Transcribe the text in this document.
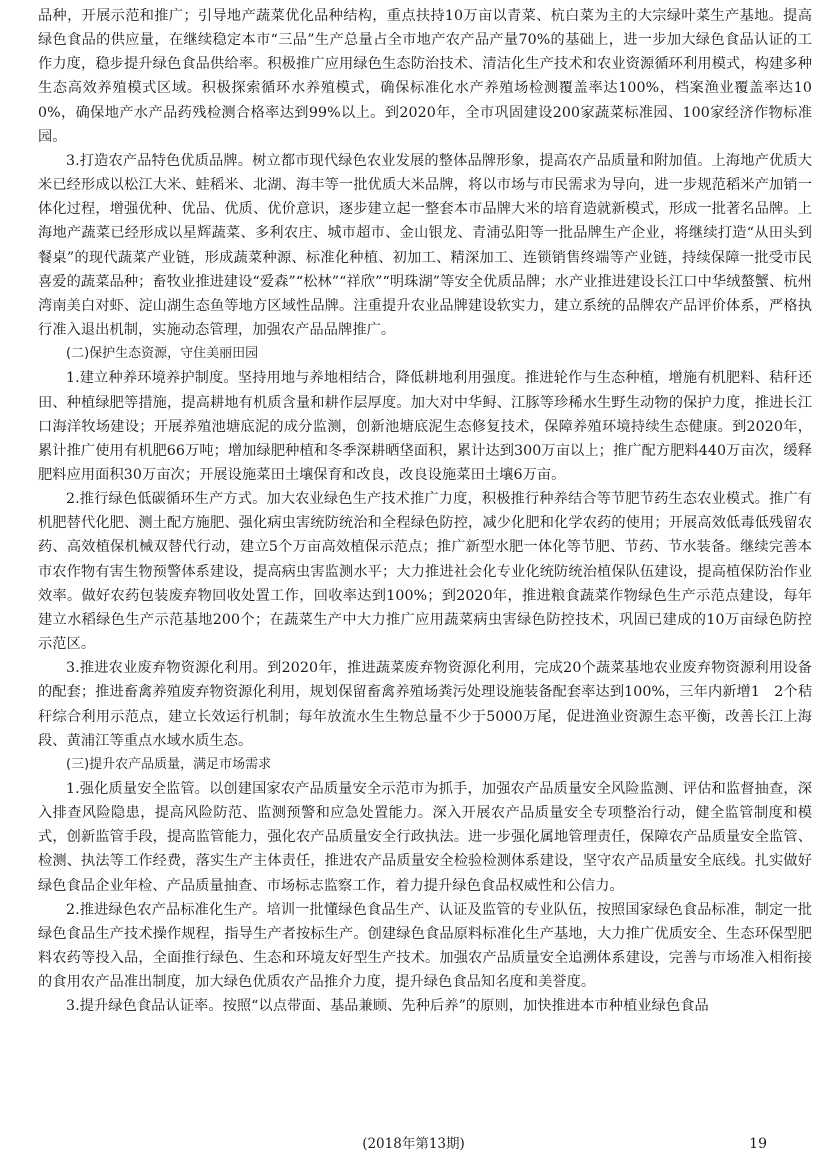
品种，开展示范和推广；引导地产蔬菜优化品种结构，重点扶持10万亩以青菜、杭白菜为主的大宗绿叶菜生产基地。提高绿色食品的供应量，在继续稳定本市“三品”生产总量占全市地产农产品产量70%的基础上，进一步加大绿色食品认证的工作力度，稳步提升绿色食品供给率。积极推广应用绿色生态防治技术、清洁化生产技术和农业资源循环利用模式，构建多种生态高效养殖模式区域。积极探索循环水养殖模式，确保标准化水产养殖场检测覆盖率达100%，档案渔业覆盖率达100%，确保地产水产品药残检测合格率达到99%以上。到2020年，全市巩固建设200家蔬菜标准园、100家经济作物标准园。

3.打造农产品特色优质品牌。树立都市现代绿色农业发展的整体品牌形象，提高农产品质量和附加值。上海地产优质大米已经形成以松江大米、蛙稻米、北湖、海丰等一批优质大米品牌，将以市场与市民需求为导向，进一步规范稻米产加销一体化过程，增强优种、优品、优质、优价意识，逐步建立起一整套本市品牌大米的培育造就新模式，形成一批著名品牌。上海地产蔬菜已经形成以星辉蔬菜、多利农庄、城市超市、金山银龙、青浦弘阳等一批品牌生产企业，将继续打造“从田头到餐桌”的现代蔬菜产业链，形成蔬菜种源、标准化种植、初加工、精深加工、连锁销售终端等产业链，持续保障一批受市民喜爱的蔬菜品种；畜牧业推进建设“爱森”“松林”“祥欣”“明珠湖”等安全优质品牌；水产业推进建设长江口中华绒螯蟹、杭州湾南美白对虾、淀山湖生态鱼等地方区域性品牌。注重提升农业品牌建设软实力，建立系统的品牌农产品评价体系，严格执行准入退出机制，实施动态管理，加强农产品品牌推广。

(二)保护生态资源，守住美丽田园

1.建立种养环境养护制度。坚持用地与养地相结合，降低耕地利用强度。推进轮作与生态种植，增施有机肥料、秸秆还田、种植绿肥等措施，提高耕地有机质含量和耕作层厚度。加大对中华鲟、江豚等珍稀水生野生动物的保护力度，推进长江口海洋牧场建设；开展养殖池塘底泥的成分监测，创新池塘底泥生态修复技术，保障养殖环境持续生态健康。到2020年，累计推广使用有机肥66万吨；增加绿肥种植和冬季深耕晒垡面积，累计达到300万亩以上；推广配方肥料440万亩次，缓释肥料应用面积30万亩次；开展设施菜田土壤保育和改良，改良设施菜田土壤6万亩。

2.推行绿色低碳循环生产方式。加大农业绿色生产技术推广力度，积极推行种养结合等节肥节药生态农业模式。推广有机肥替代化肥、测土配方施肥、强化病虫害统防统治和全程绿色防控，减少化肥和化学农药的使用；开展高效低毒低残留农药、高效植保机械双替代行动，建立5个万亩高效植保示范点；推广新型水肥一体化等节肥、节药、节水装备。继续完善本市农作物有害生物预警体系建设，提高病虫害监测水平；大力推进社会化专业化统防统治植保队伍建设，提高植保防治作业效率。做好农药包装废弃物回收处置工作，回收率达到100%；到2020年，推进粮食蔬菜作物绿色生产示范点建设，每年建立水稻绿色生产示范基地200个；在蔬菜生产中大力推广应用蔬菜病虫害绿色防控技术，巩固已建成的10万亩绿色防控示范区。

3.推进农业废弃物资源化利用。到2020年，推进蔬菜废弃物资源化利用，完成20个蔬菜基地农业废弃物资源利用设备的配套；推进畜禽养殖废弃物资源化利用，规划保留畜禽养殖场粪污处理设施装备配套率达到100%，三年内新增1　2个秸秆综合利用示范点，建立长效运行机制；每年放流水生生物总量不少于5000万尾，促进渔业资源生态平衡，改善长江上海段、黄浦江等重点水域水质生态。

(三)提升农产品质量，满足市场需求

1.强化质量安全监管。以创建国家农产品质量安全示范市为抓手，加强农产品质量安全风险监测、评估和监督抽查，深入排查风险隐患，提高风险防范、监测预警和应急处置能力。深入开展农产品质量安全专项整治行动，健全监管制度和模式，创新监管手段，提高监管能力，强化农产品质量安全行政执法。进一步强化属地管理责任，保障农产品质量安全监管、检测、执法等工作经费，落实生产主体责任，推进农产品质量安全检验检测体系建设，坚守农产品质量安全底线。扎实做好绿色食品企业年检、产品质量抽查、市场标志监察工作，着力提升绿色食品权威性和公信力。

2.推进绿色农产品标准化生产。培训一批懂绿色食品生产、认证及监管的专业队伍，按照国家绿色食品标准，制定一批绿色食品生产技术操作规程，指导生产者按标生产。创建绿色食品原料标准化生产基地，大力推广优质安全、生态环保型肥料农药等投入品，全面推行绿色、生态和环境友好型生产技术。加强农产品质量安全追溯体系建设，完善与市场准入相衔接的食用农产品准出制度，加大绿色优质农产品推介力度，提升绿色食品知名度和美誉度。

3.提升绿色食品认证率。按照“以点带面、基品兼顾、先种后养”的原则，加快推进本市种植业绿色食品

(2018年第13期)	19
